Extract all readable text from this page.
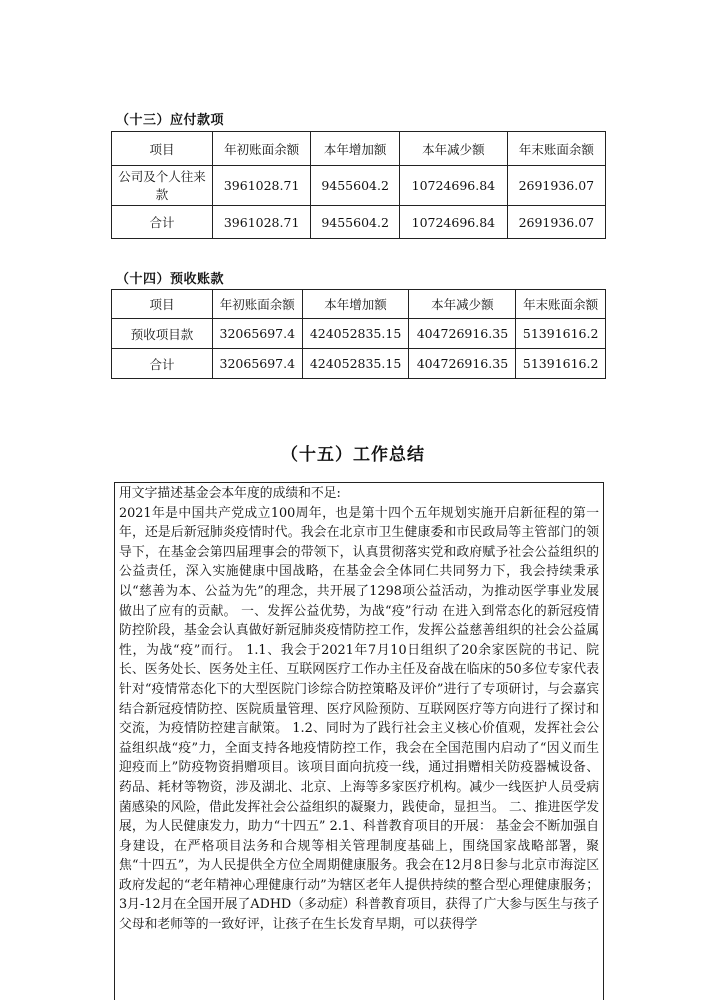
（十三）应付款项
项目	年初账面余额	本年增加额	本年减少额	年末账面余额
公司及个人往来款	3961028.71	9455604.2	10724696.84	2691936.07
合计	3961028.71	9455604.2	10724696.84	2691936.07
（十四）预收账款
项目	年初账面余额	本年增加额	本年减少额	年末账面余额
预收项目款	32065697.4	424052835.15	404726916.35	51391616.2
合计	32065697.4	424052835.15	404726916.35	51391616.2
（十五）工作总结

用文字描述基金会本年度的成绩和不足:

2021年是中国共产党成立100周年，也是第十四个五年规划实施开启新征程的第一年，还是后新冠肺炎疫情时代。我会在北京市卫生健康委和市民政局等主管部门的领导下，在基金会第四届理事会的带领下，认真贯彻落实党和政府赋予社会公益组织的公益责任，深入实施健康中国战略，在基金会全体同仁共同努力下，我会持续秉承以“慈善为本、公益为先”的理念，共开展了1298项公益活动，为推动医学事业发展做出了应有的贡献。 一、发挥公益优势，为战“疫”行动 在进入到常态化的新冠疫情防控阶段，基金会认真做好新冠肺炎疫情防控工作，发挥公益慈善组织的社会公益属性，为战“疫”而行。 1.1、我会于2021年7月10日组织了20余家医院的书记、院长、医务处长、医务处主任、互联网医疗工作办主任及奋战在临床的50多位专家代表针对“疫情常态化下的大型医院门诊综合防控策略及评价”进行了专项研讨，与会嘉宾结合新冠疫情防控、医院质量管理、医疗风险预防、互联网医疗等方向进行了探讨和交流，为疫情防控建言献策。 1.2、同时为了践行社会主义核心价值观，发挥社会公益组织战“疫”力，全面支持各地疫情防控工作，我会在全国范围内启动了“因义而生 迎疫而上”防疫物资捐赠项目。该项目面向抗疫一线，通过捐赠相关防疫器械设备、药品、耗材等物资，涉及湖北、北京、上海等多家医疗机构。减少一线医护人员受病菌感染的风险，借此发挥社会公益组织的凝聚力，践使命，显担当。 二、推进医学发展，为人民健康发力，助力“十四五” 2.1、科普教育项目的开展： 基金会不断加强自身建设，在严格项目法务和合规等相关管理制度基础上，围绕国家战略部署，聚焦“十四五”，为人民提供全方位全周期健康服务。我会在12月8日参与北京市海淀区政府发起的“老年精神心理健康行动”为辖区老年人提供持续的整合型心理健康服务；3月-12月在全国开展了ADHD（多动症）科普教育项目，获得了广大参与医生与孩子父母和老师等的一致好评，让孩子在生长发育早期，可以获得学
